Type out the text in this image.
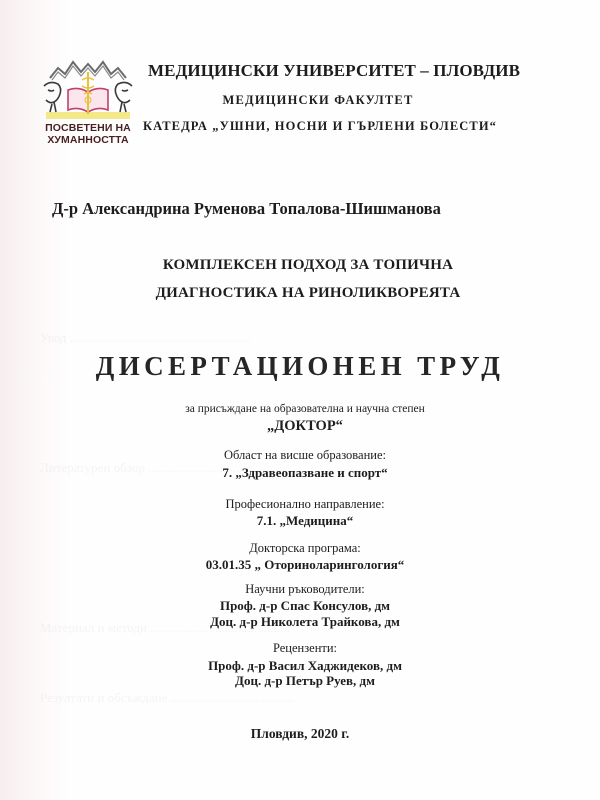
Увод ........................................................
Литературен обзор ..........................................
Материал и методи ...........................................
Резултати и обсъждане ......................................
ПОСВЕТЕНИ НА
ХУМАННОСТТА
МЕДИЦИНСКИ УНИВЕРСИТЕТ – ПЛОВДИВ
МЕДИЦИНСКИ ФАКУЛТЕТ
КАТЕДРА „УШНИ, НОСНИ И ГЪРЛЕНИ БОЛЕСТИ“
Д-р Александрина Руменова Топалова-Шишманова
КОМПЛЕКСЕН ПОДХОД ЗА ТОПИЧНА
ДИАГНОСТИКА НА РИНОЛИКВОРЕЯТА
ДИСЕРТАЦИОНЕН ТРУД
за присъждане на образователна и научна степен
„ДОКТОР“
Област на висше образование:
7. „Здравеопазване и спорт“
Професионално направление:
7.1. „Медицина“
Докторска програма:
03.01.35 „ Оториноларингология“
Научни ръководители:
Проф. д-р Спас Консулов, дм
Доц. д-р Николета Трайкова, дм
Рецензенти:
Проф. д-р Васил Хаджидеков, дм
Доц. д-р Петър Руев, дм
Пловдив, 2020 г.
